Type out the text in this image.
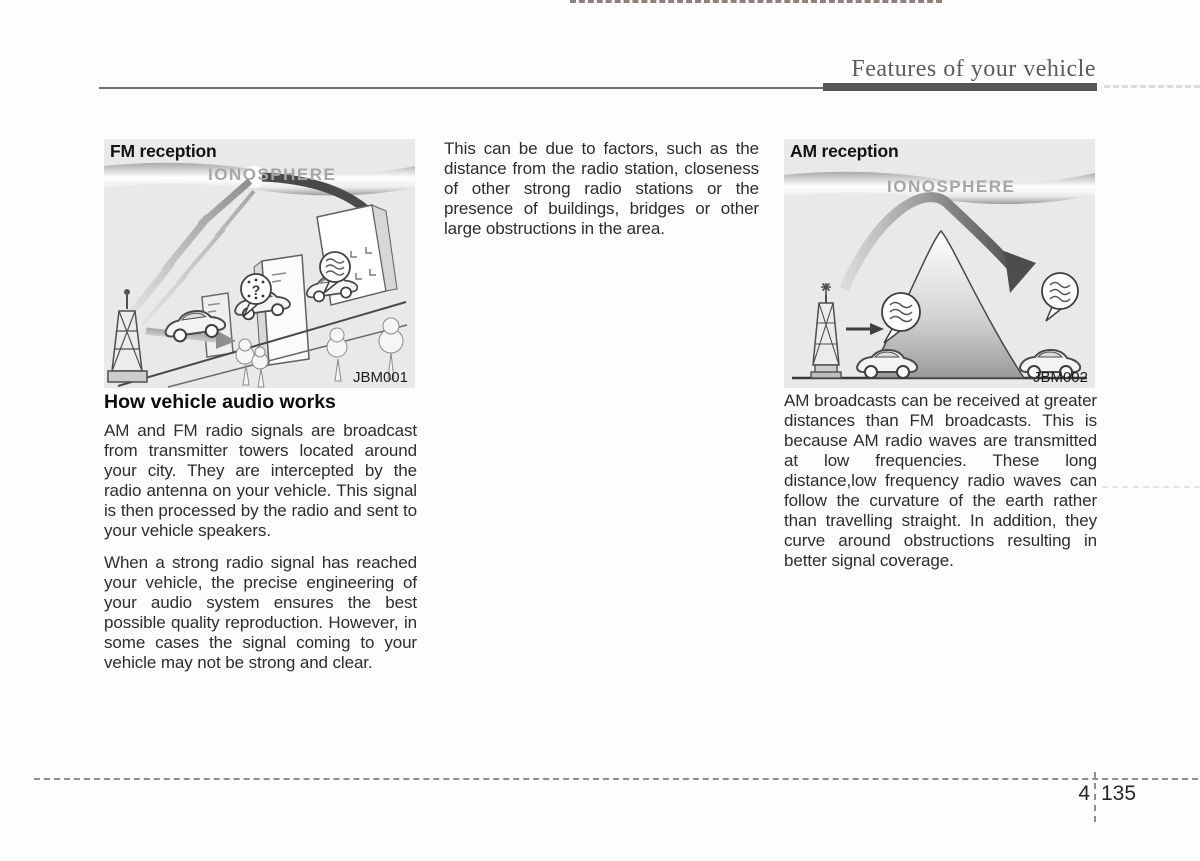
Features of your vehicle
FM reception
IONOSPHERE
?
JBM001
AM reception
IONOSPHERE
JBM002
How vehicle audio works

AM and FM radio signals are broadcast from transmitter towers located around your city. They are intercepted by the radio antenna on your vehicle. This signal is then processed by the radio and sent to your vehicle speakers.

When a strong radio signal has reached your vehicle, the precise engineering of your audio system ensures the best possible quality reproduction. However, in some cases the signal coming to your vehicle may not be strong and clear.

This can be due to factors, such as the distance from the radio station, closeness of other strong radio stations or the presence of buildings, bridges or other large obstructions in the area.

AM broadcasts can be received at greater distances than FM broadcasts. This is because AM radio waves are transmitted at low frequencies. These long distance,low frequency radio waves can follow the curvature of the earth rather than travelling straight. In addition, they curve around obstructions resulting in better signal coverage.

4 135
